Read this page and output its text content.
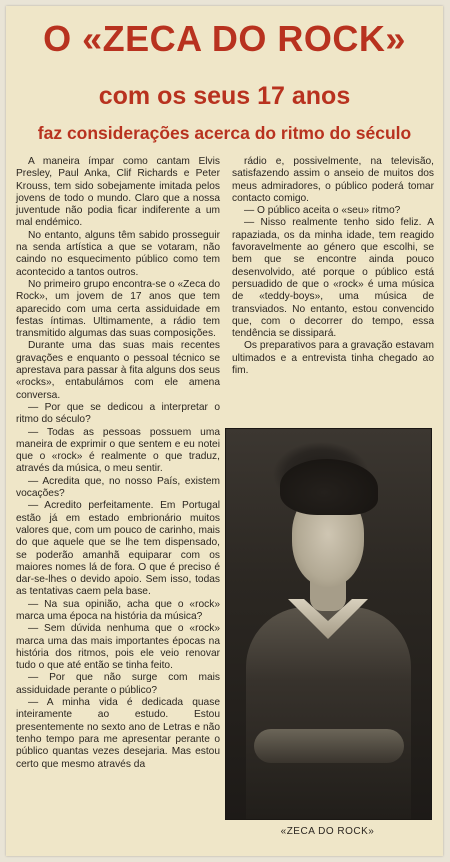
O «ZECA DO ROCK»
com os seus 17 anos
faz considerações acerca do ritmo do século

A maneira ímpar como cantam Elvis Presley, Paul Anka, Clif Richards e Peter Krouss, tem sido sobejamente imitada pelos jovens de todo o mundo. Claro que a nossa juventude não podia ficar indiferente a um mal endémico.

No entanto, alguns têm sabido prosseguir na senda artística a que se votaram, não caindo no esquecimento público como tem acontecido a tantos outros.

No primeiro grupo encontra-se o «Zeca do Rock», um jovem de 17 anos que tem aparecido com uma certa assiduidade em festas íntimas. Ultimamente, a rádio tem transmitido algumas das suas composições.

Durante uma das suas mais recentes gravações e enquanto o pessoal técnico se aprestava para passar à fita alguns dos seus «rocks», entabulámos com ele amena conversa.

— Por que se dedicou a interpretar o ritmo do século?

— Todas as pessoas possuem uma maneira de exprimir o que sentem e eu notei que o «rock» é realmente o que traduz, através da música, o meu sentir.

— Acredita que, no nosso País, existem vocações?

— Acredito perfeitamente. Em Portugal estão já em estado embrionário muitos valores que, com um pouco de carinho, mais do que aquele que se lhe tem dispensado, se poderão amanhã equiparar com os maiores nomes lá de fora. O que é preciso é dar-se-lhes o devido apoio. Sem isso, todas as tentativas caem pela base.

— Na sua opinião, acha que o «rock» marca uma época na história da música?

— Sem dúvida nenhuma que o «rock» marca uma das mais importantes épocas na história dos ritmos, pois ele veio renovar tudo o que até então se tinha feito.

— Por que não surge com mais assiduidade perante o público?

— A minha vida é dedicada quase inteiramente ao estudo. Estou presentemente no sexto ano de Letras e não tenho tempo para me apresentar perante o público quantas vezes desejaria. Mas estou certo que mesmo através da

rádio e, possivelmente, na televisão, satisfazendo assim o anseio de muitos dos meus admiradores, o público poderá tomar contacto comigo.

— O público aceita o «seu» ritmo?

— Nisso realmente tenho sido feliz. A rapaziada, os da minha idade, tem reagido favoravelmente ao género que escolhi, se bem que se encontre ainda pouco desenvolvido, até porque o público está persuadido de que o «rock» é uma música de «teddy-boys», uma música de transviados. No entanto, estou convencido que, com o decorrer do tempo, essa tendência se dissipará.

Os preparativos para a gravação estavam ultimados e a entrevista tinha chegado ao fim.

«ZECA DO ROCK»
